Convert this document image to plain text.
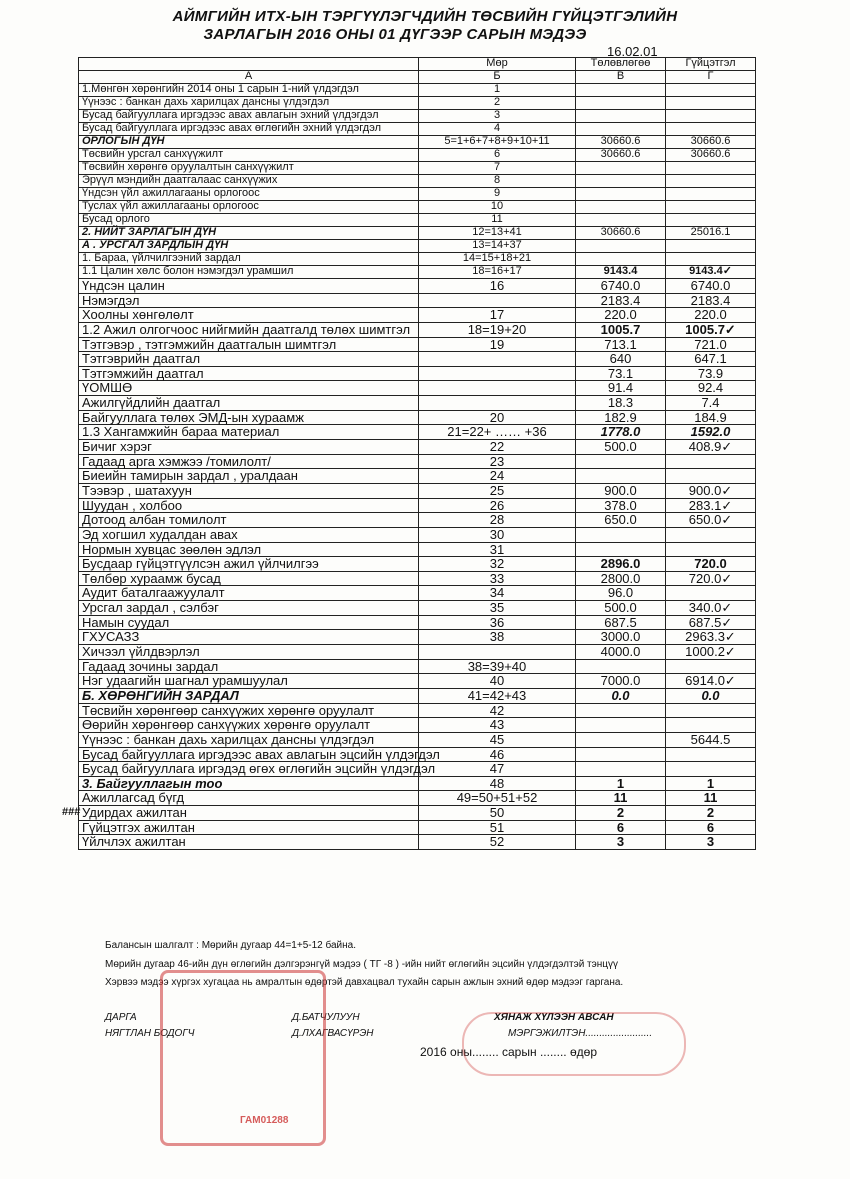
АЙМГИЙН ИТХ-ЫН ТЭРГҮҮЛЭГЧДИЙН ТӨСВИЙН ГҮЙЦЭТГЭЛИЙН
ЗАРЛАГЫН 2016 ОНЫ 01 ДҮГЭЭР САРЫН МЭДЭЭ
16.02.01
	Мөр	Төлөвлөгөө	Гүйцэтгэл
А	Б	В	Г
1.Мөнгөн хөрөнгийн 2014 оны 1 сарын 1-ний үлдэгдэл	1		
Үүнээс : банкан дахь харилцах дансны үлдэгдэл	2		
Бусад байгууллага иргэдээс авах авлагын эхний үлдэгдэл	3		
Бусад байгууллага иргэдээс авах өглөгийн эхний үлдэгдэл	4		
ОРЛОГЫН ДҮН	5=1+6+7+8+9+10+11	30660.6	30660.6
Төсвийн урсгал санхүүжилт	6	30660.6	30660.6
Төсвийн хөрөнгө оруулалтын санхүүжилт	7		
Эрүүл мэндийн даатгалаас санхүүжих	8		
Үндсэн үйл ажиллагааны орлогоос	9		
Туслах үйл ажиллагааны орлогоос	10		
Бусад орлого	11		
2. НИЙТ ЗАРЛАГЫН ДҮН	12=13+41	30660.6	25016.1
А . УРСГАЛ ЗАРДЛЫН ДҮН	13=14+37		
1. Бараа, үйлчилгээний зардал	14=15+18+21		
1.1 Цалин хөлс болон нэмэгдэл урамшил	18=16+17	9143.4	9143.4✓
Үндсэн цалин	16	6740.0	6740.0
Нэмэгдэл		2183.4	2183.4
Хоолны хөнгөлөлт	17	220.0	220.0
1.2 Ажил олгогчоос нийгмийн даатгалд төлөх шимтгэл	18=19+20	1005.7	1005.7✓
Тэтгэвэр , тэтгэмжийн даатгалын шимтгэл	19	713.1	721.0
Тэтгэврийн даатгал		640	647.1
Тэтгэмжийн даатгал		73.1	73.9
ҮОМШӨ		91.4	92.4
Ажилгүйдлийн даатгал		18.3	7.4
Байгууллага төлөх ЭМД-ын хураамж	20	182.9	184.9
1.3 Хангамжийн бараа материал	21=22+ …… +36	1778.0	1592.0
Бичиг хэрэг	22	500.0	408.9✓
Гадаад арга хэмжээ /томилолт/	23		
Биеийн тамирын зардал , уралдаан	24		
Тээвэр , шатахуун	25	900.0	900.0✓
Шуудан , холбоо	26	378.0	283.1✓
Дотоод албан томилолт	28	650.0	650.0✓
Эд хогшил худалдан авах	30		
Нормын хувцас зөөлөн эдлэл	31		
Бусдаар гүйцэтгүүлсэн ажил үйлчилгээ	32	2896.0	720.0
Төлбөр хураамж бусад	33	2800.0	720.0✓
Аудит баталгаажуулалт	34	96.0	
Урсгал зардал , сэлбэг	35	500.0	340.0✓
Намын суудал	36	687.5	687.5✓
ГХУСАЗЗ	38	3000.0	2963.3✓
Хичээл үйлдвэрлэл		4000.0	1000.2✓
Гадаад зочины зардал	38=39+40		
Нэг удаагийн шагнал урамшуулал	40	7000.0	6914.0✓
Б. ХӨРӨНГИЙН ЗАРДАЛ	41=42+43	0.0	0.0
Төсвийн хөрөнгөөр санхүүжих хөрөнгө оруулалт	42		
Өөрийн хөрөнгөөр санхүүжих хөрөнгө оруулалт	43		
Үүнээс : банкан дахь харилцах дансны үлдэгдэл	45		5644.5
Бусад байгууллага иргэдээс авах авлагын эцсийн үлдэгдэл	46		
Бусад байгууллага иргэдэд өгөх өглөгийн эцсийн үлдэгдэл	47		
3. Байгууллагын тоо	48	1	1
Ажиллагсад бүгд	49=50+51+52	11	11
Удирдах ажилтан	50	2	2
Гүйцэтгэх ажилтан	51	6	6
Үйлчлэх ажилтан	52	3	3
###
Балансын шалгалт : Мөрийн дугаар 44=1+5-12 байна.
Мөрийн дугаар 46-ийн дүн өглөгийн дэлгэрэнгүй мэдээ ( ТГ -8 ) -ийн нийт өглөгийн эцсийн үлдэгдэлтэй тэнцүү
Хэрвээ мэдээ хүргэх хугацаа нь амралтын өдөртэй давхацвал тухайн сарын ажлын эхний өдөр мэдээг гаргана.
ДАРГА	Д.БАТЧУЛУУН
НЯГТЛАН БОДОГЧ	Д.ЛХАГВАСҮРЭН
ХЯНАЖ ХҮЛЭЭН АВСАН
МЭРГЭЖИЛТЭН........................
2016 оны........ сарын ........ өдөр
ГАМ01288
